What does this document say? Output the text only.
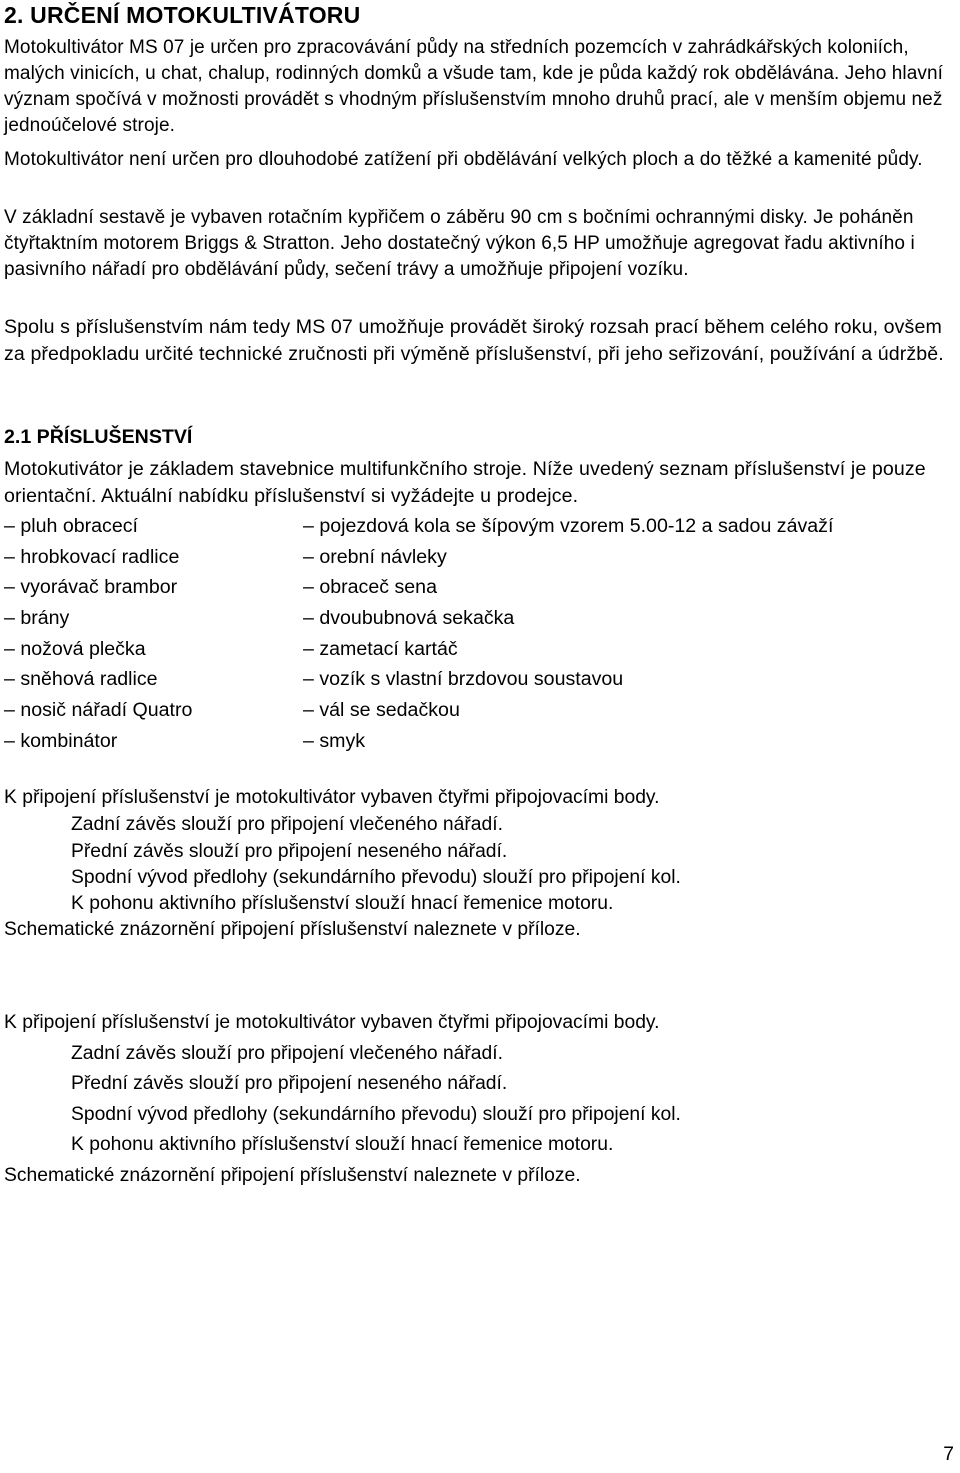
2. URČENÍ MOTOKULTIVÁTORU
Motokultivátor MS 07 je určen pro zpracovávání půdy na středních pozemcích v zahrádkářských koloniích, malých vinicích, u chat, chalup, rodinných domků a všude tam, kde je půda každý rok obdělávána. Jeho hlavní význam spočívá v možnosti provádět s vhodným příslušenstvím mnoho druhů prací, ale v menším objemu než jednoúčelové stroje.
Motokultivátor není určen pro dlouhodobé zatížení při obdělávání velkých ploch a do těžké a kamenité půdy.
V základní sestavě je vybaven rotačním kypřičem o záběru 90 cm s bočními ochrannými disky. Je poháněn čtyřtaktním motorem Briggs & Stratton. Jeho dostatečný výkon 6,5 HP umožňuje agregovat řadu aktivního i pasivního nářadí pro obdělávání půdy, sečení trávy a umožňuje připojení vozíku.
Spolu s příslušenstvím nám tedy MS 07 umožňuje provádět široký rozsah prací během celého roku, ovšem za předpokladu určité technické zručnosti při výměně příslušenství, při jeho seřizování, používání a údržbě.
2.1 PŘÍSLUŠENSTVÍ
Motokutivátor je základem stavebnice multifunkčního stroje. Níže uvedený seznam příslušenství je pouze orientační. Aktuální nabídku příslušenství si vyžádejte u prodejce.
– pluh obracecí	– pojezdová kola se šípovým vzorem 5.00-12 a sadou závaží
– hrobkovací radlice	– orební návleky
– vyorávač brambor	– obraceč sena
– brány	– dvoububnová sekačka
– nožová plečka	– zametací kartáč
– sněhová radlice	– vozík s vlastní brzdovou soustavou
– nosič nářadí Quatro	– vál se sedačkou
– kombinátor	– smyk
K připojení příslušenství je motokultivátor vybaven čtyřmi připojovacími body.
Zadní závěs slouží pro připojení vlečeného nářadí.
Přední závěs slouží pro připojení neseného nářadí.
Spodní vývod předlohy (sekundárního převodu) slouží pro připojení kol.
K pohonu aktivního příslušenství slouží hnací řemenice motoru.
Schematické znázornění připojení příslušenství naleznete v příloze.
K připojení příslušenství je motokultivátor vybaven čtyřmi připojovacími body.
Zadní závěs slouží pro připojení vlečeného nářadí.
Přední závěs slouží pro připojení neseného nářadí.
Spodní vývod předlohy (sekundárního převodu) slouží pro připojení kol.
K pohonu aktivního příslušenství slouží hnací řemenice motoru.
Schematické znázornění připojení příslušenství naleznete v příloze.
7
